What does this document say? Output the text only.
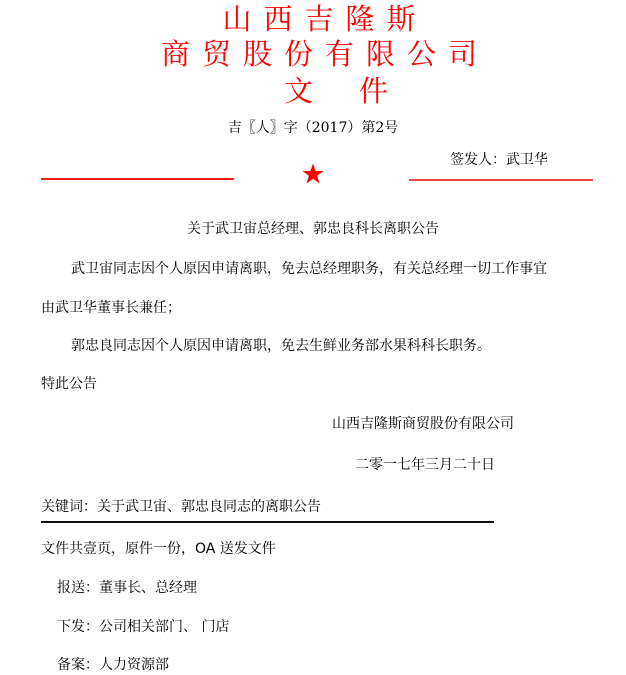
山西吉隆斯
商贸股份有限公司
文件
吉〖人〗字（2017）第2号
签发人：武卫华
关于武卫宙总经理、郭忠良科长离职公告
武卫宙同志因个人原因申请离职，免去总经理职务，有关总经理一切工作事宜
由武卫华董事长兼任；
郭忠良同志因个人原因申请离职，免去生鲜业务部水果科科长职务。
特此公告
山西吉隆斯商贸股份有限公司
二零一七年三月二十日
关键词：关于武卫宙、郭忠良同志的离职公告
文件共壹页，原件一份，OA 送发文件
报送：董事长、总经理
下发：公司相关部门、 门店
备案：人力资源部
